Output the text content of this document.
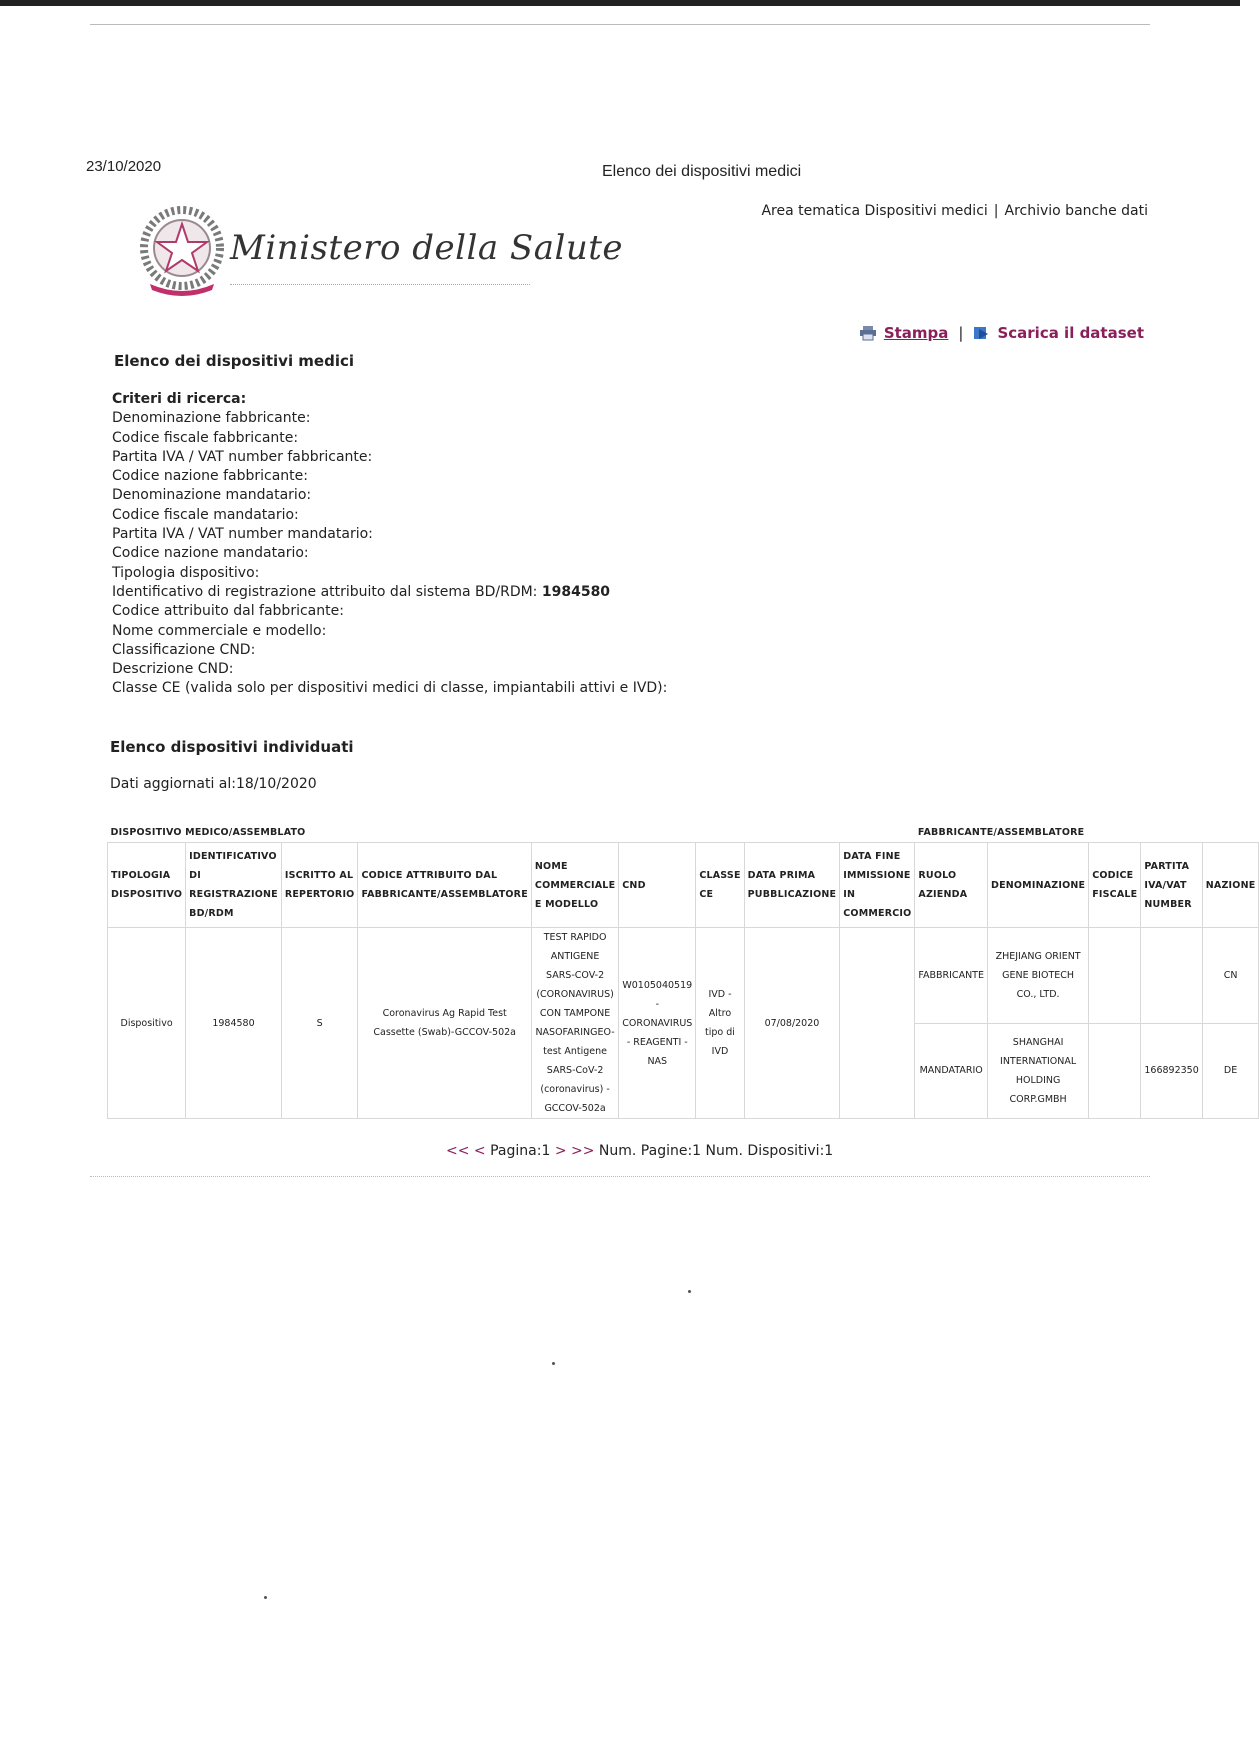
23/10/2020	Elenco dei dispositivi medici
Area tematica Dispositivi medici | Archivio banche dati
Ministero della Salute
Stampa | Scarica il dataset
Elenco dei dispositivi medici
Criteri di ricerca:
Denominazione fabbricante:
Codice fiscale fabbricante:
Partita IVA / VAT number fabbricante:
Codice nazione fabbricante:
Denominazione mandatario:
Codice fiscale mandatario:
Partita IVA / VAT number mandatario:
Codice nazione mandatario:
Tipologia dispositivo:
Identificativo di registrazione attribuito dal sistema BD/RDM: 1984580
Codice attribuito dal fabbricante:
Nome commerciale e modello:
Classificazione CND:
Descrizione CND:
Classe CE (valida solo per dispositivi medici di classe, impiantabili attivi e IVD):
Elenco dispositivi individuati
Dati aggiornati al:18/10/2020
DISPOSITIVO MEDICO/ASSEMBLATO									FABBRICANTE/ASSEMBLATORE				
TIPOLOGIA DISPOSITIVO	IDENTIFICATIVO DI REGISTRAZIONE BD/RDM	ISCRITTO AL REPERTORIO	CODICE ATTRIBUITO DAL FABBRICANTE/ASSEMBLATORE	NOME COMMERCIALE E MODELLO	CND	CLASSE CE	DATA PRIMA PUBBLICAZIONE	DATA FINE IMMISSIONE IN COMMERCIO	RUOLO AZIENDA	DENOMINAZIONE	CODICE FISCALE	PARTITA IVA/VAT NUMBER	NAZIONE
Dispositivo	1984580	S	Coronavirus Ag Rapid Test Cassette (Swab)-GCCOV-502a	TEST RAPIDO ANTIGENE SARS-COV-2 (CORONAVIRUS) CON TAMPONE NASOFARINGEO-test Antigene SARS-CoV-2 (coronavirus) - GCCOV-502a	W0105040519 - CORONAVIRUS - REAGENTI - NAS	IVD - Altro tipo di IVD	07/08/2020		FABBRICANTE	ZHEJIANG ORIENT GENE BIOTECH CO., LTD.			CN
									MANDATARIO	SHANGHAI INTERNATIONAL HOLDING CORP.GMBH		166892350	DE
<< < Pagina:1 > >> Num. Pagine:1 Num. Dispositivi:1
